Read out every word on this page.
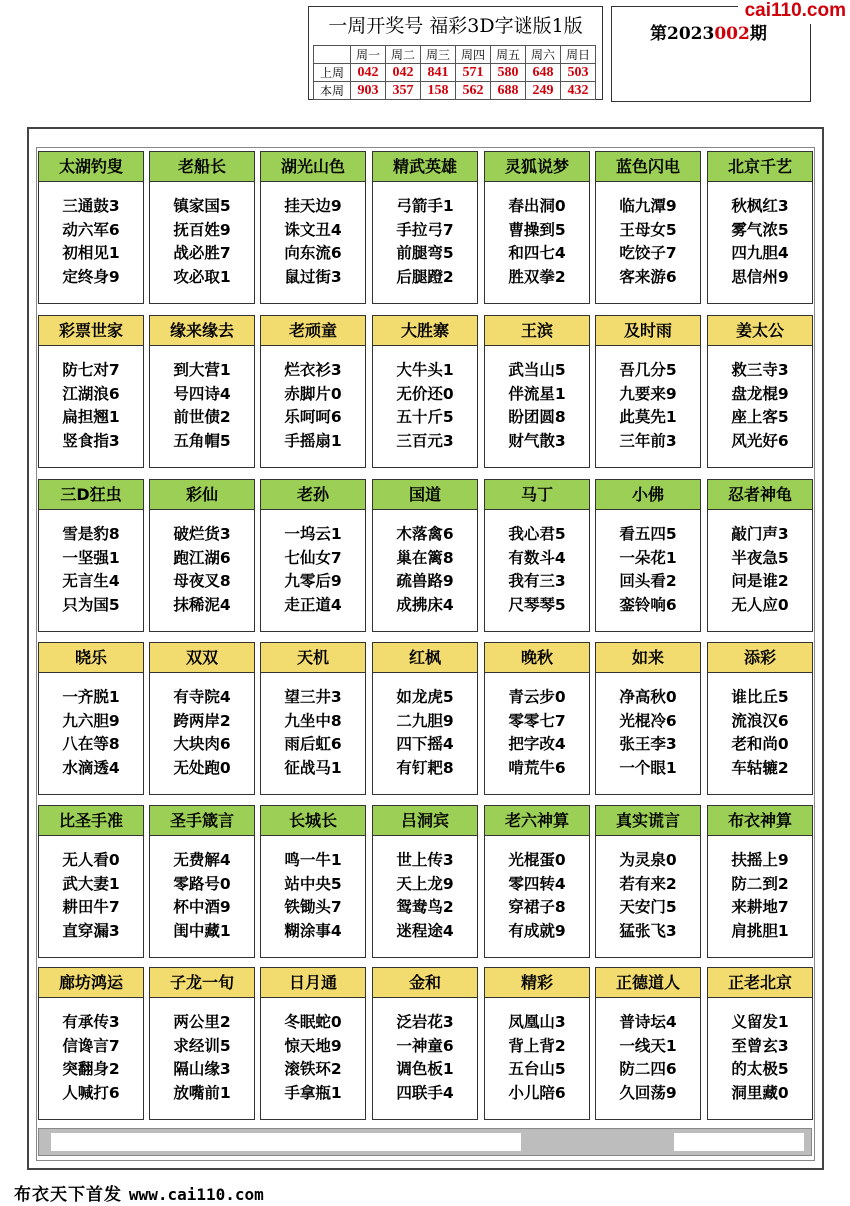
一周开奖号 福彩3D字谜版1版
	周一	周二	周三	周四	周五	周六	周日
上周	042	042	841	571	580	648	503
本周	903	357	158	562	688	249	432
第2023002期
cai110.com
太湖钓叟
三通鼓3
动六军6
初相见1
定终身9
老船长
镇家国5
抚百姓9
战必胜7
攻必取1
湖光山色
挂天边9
诛文丑4
向东流6
鼠过街3
精武英雄
弓箭手1
手拉弓7
前腿弯5
后腿蹬2
灵狐说梦
春出洞0
曹操到5
和四七4
胜双拳2
蓝色闪电
临九潭9
王母女5
吃饺子7
客来游6
北京千艺
秋枫红3
雾气浓5
四九胆4
思信州9
彩票世家
防七对7
江湖浪6
扁担翘1
竖食指3
缘来缘去
到大营1
号四诗4
前世债2
五角帽5
老顽童
烂衣衫3
赤脚片0
乐呵呵6
手摇扇1
大胜寨
大牛头1
无价还0
五十斤5
三百元3
王滨
武当山5
伴流星1
盼团圆8
财气散3
及时雨
吾几分5
九要来9
此莫先1
三年前3
姜太公
救三寺3
盘龙棍9
座上客5
风光好6
三D狂虫
雪是豹8
一坚强1
无言生4
只为国5
彩仙
破烂货3
跑江湖6
母夜叉8
抹稀泥4
老孙
一坞云1
七仙女7
九零后9
走正道4
国道
木落禽6
巢在篱8
疏兽路9
成拂床4
马丁
我心君5
有数斗4
我有三3
尺琴琴5
小佛
看五四5
一朵花1
回头看2
銮铃响6
忍者神龟
敲门声3
半夜急5
问是谁2
无人应0
晓乐
一齐脱1
九六胆9
八在等8
水滴透4
双双
有寺院4
跨两岸2
大块肉6
无处跑0
天机
望三井3
九坐中8
雨后虹6
征战马1
红枫
如龙虎5
二九胆9
四下摇4
有钉耙8
晚秋
青云步0
零零七7
把字改4
啃荒牛6
如来
净高秋0
光棍冷6
张王李3
一个眼1
添彩
谁比丘5
流浪汉6
老和尚0
车轱辘2
比圣手准
无人看0
武大妻1
耕田牛7
直穿漏3
圣手箴言
无费解4
零路号0
杯中酒9
闺中藏1
长城长
鸣一牛1
站中央5
铁锄头7
糊涂事4
吕洞宾
世上传3
天上龙9
鸳鸯鸟2
迷程途4
老六神算
光棍蛋0
零四转4
穿裙子8
有成就9
真实谎言
为灵泉0
若有来2
天安门5
猛张飞3
布衣神算
扶摇上9
防二到2
来耕地7
肩挑胆1
廊坊鸿运
有承传3
信谗言7
突翻身2
人喊打6
子龙一旬
两公里2
求经训5
隔山缘3
放嘴前1
日月通
冬眠蛇0
惊天地9
滚铁环2
手拿瓶1
金和
泛岩花3
一神童6
调色板1
四联手4
精彩
凤凰山3
背上背2
五台山5
小儿陪6
正德道人
普诗坛4
一线天1
防二四6
久回荡9
正老北京
义留发1
至曾玄3
的太极5
洞里藏0
布衣天下首发 www.cai110.com
